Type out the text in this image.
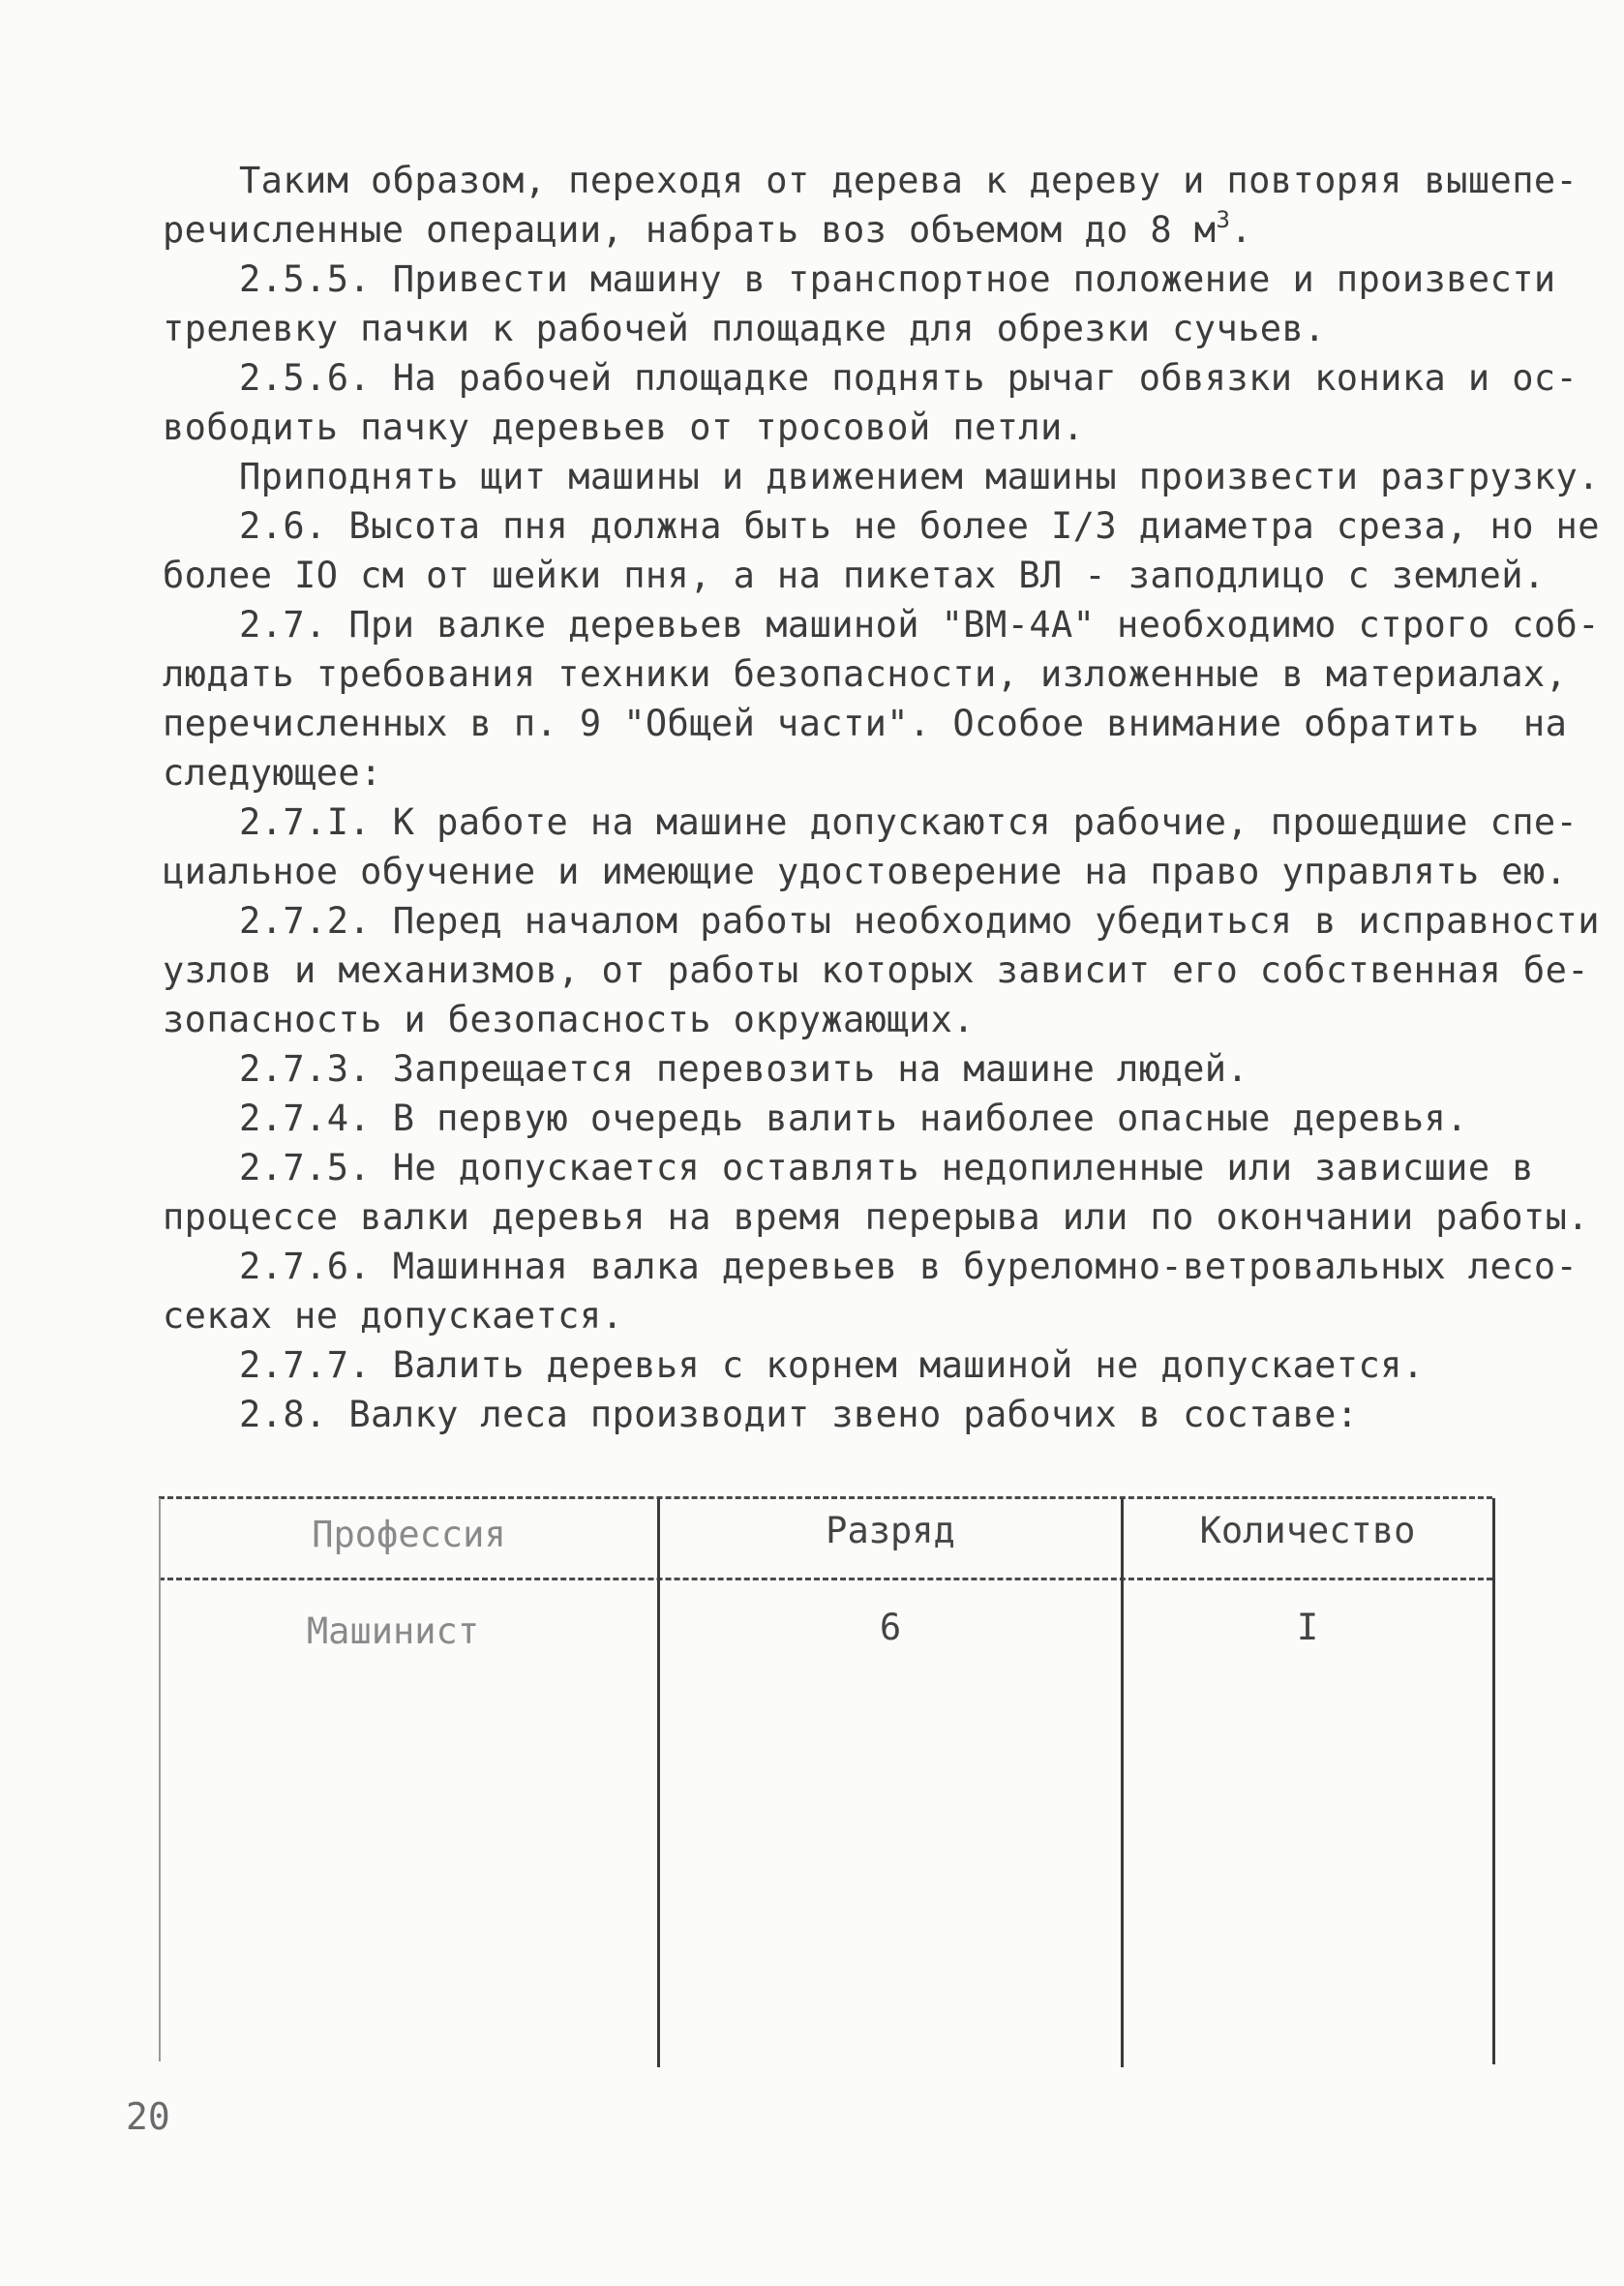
Таким образом, переходя от дерева к дереву и повторяя вышепе-
речисленные операции, набрать воз объемом до 8 $м^3$.
2.5.5. Привести машину в транспортное положение и произвести
трелевку пачки к рабочей площадке для обрезки сучьев.
2.5.6. На рабочей площадке поднять рычаг обвязки коника и ос-
вободить пачку деревьев от тросовой петли.
Приподнять щит машины и движением машины произвести разгрузку.
2.6. Высота пня должна быть не более I/3 диаметра среза, но не
более IO см от шейки пня, а на пикетах ВЛ - заподлицо с землей.
2.7. При валке деревьев машиной "ВМ-4А" необходимо строго соб-
людать требования техники безопасности, изложенные в материалах,
перечисленных в п. 9 "Общей части". Особое внимание обратить  на
следующее:
2.7.I. К работе на машине допускаются рабочие, прошедшие спе-
циальное обучение и имеющие удостоверение на право управлять ею.
2.7.2. Перед началом работы необходимо убедиться в исправности
узлов и механизмов, от работы которых зависит его собственная бе-
зопасность и безопасность окружающих.
2.7.3. Запрещается перевозить на машине людей.
2.7.4. В первую очередь валить наиболее опасные деревья.
2.7.5. Не допускается оставлять недопиленные или зависшие в
процессе валки деревья на время перерыва или по окончании работы.
2.7.6. Машинная валка деревьев в буреломно-ветровальных лесо-
секах не допускается.
2.7.7. Валить деревья с корнем машиной не допускается.
2.8. Валку леса производит звено рабочих в составе:
Профессия	Разряд	Количество
Машинист	6	I
20
